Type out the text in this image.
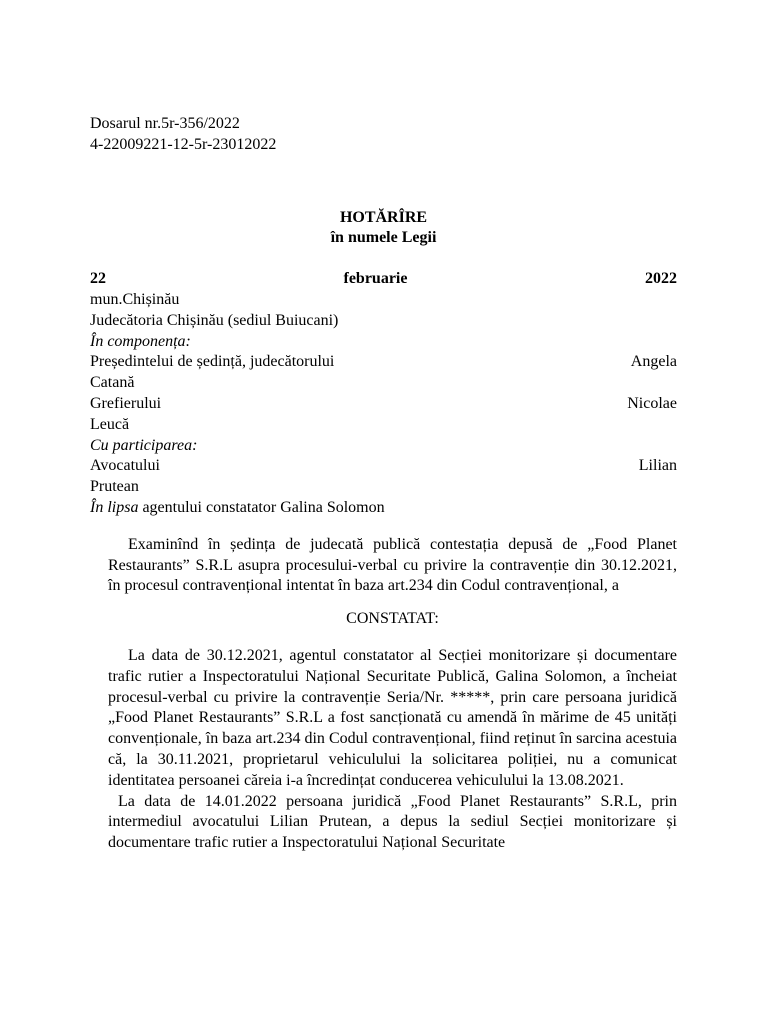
Dosarul nr.5r-356/2022
4-22009221-12-5r-23012022
HOTĂRÎRE
în numele Legii
22	februarie	2022
mun.Chișinău
Judecătoria Chișinău (sediul Buiucani)
În componența:
Președintelui de ședință, judecătorului	Angela
Catană
Grefierului	Nicolae
Leucă
Cu participarea:
Avocatului	Lilian
Prutean
În lipsa agentului constatator Galina Solomon
Examinînd în ședința de judecată publică contestația depusă de „Food Planet Restaurants” S.R.L asupra procesului-verbal cu privire la contravenție din 30.12.2021, în procesul contravențional intentat în baza art.234 din Codul contravențional, a
CONSTATAT:
La data de 30.12.2021, agentul constatator al Secției monitorizare și documentare trafic rutier a Inspectoratului Național Securitate Publică, Galina Solomon, a încheiat procesul-verbal cu privire la contravenție Seria/Nr. *****, prin care persoana juridică „Food Planet Restaurants” S.R.L a fost sancționată cu amendă în mărime de 45 unități convenționale, în baza art.234 din Codul contravențional, fiind reținut în sarcina acestuia că, la 30.11.2021, proprietarul vehiculului la solicitarea poliției, nu a comunicat identitatea persoanei căreia i-a încredințat conducerea vehiculului la 13.08.2021.
La data de 14.01.2022 persoana juridică „Food Planet Restaurants” S.R.L, prin intermediul avocatului Lilian Prutean, a depus la sediul Secției monitorizare și documentare trafic rutier a Inspectoratului Național Securitate
